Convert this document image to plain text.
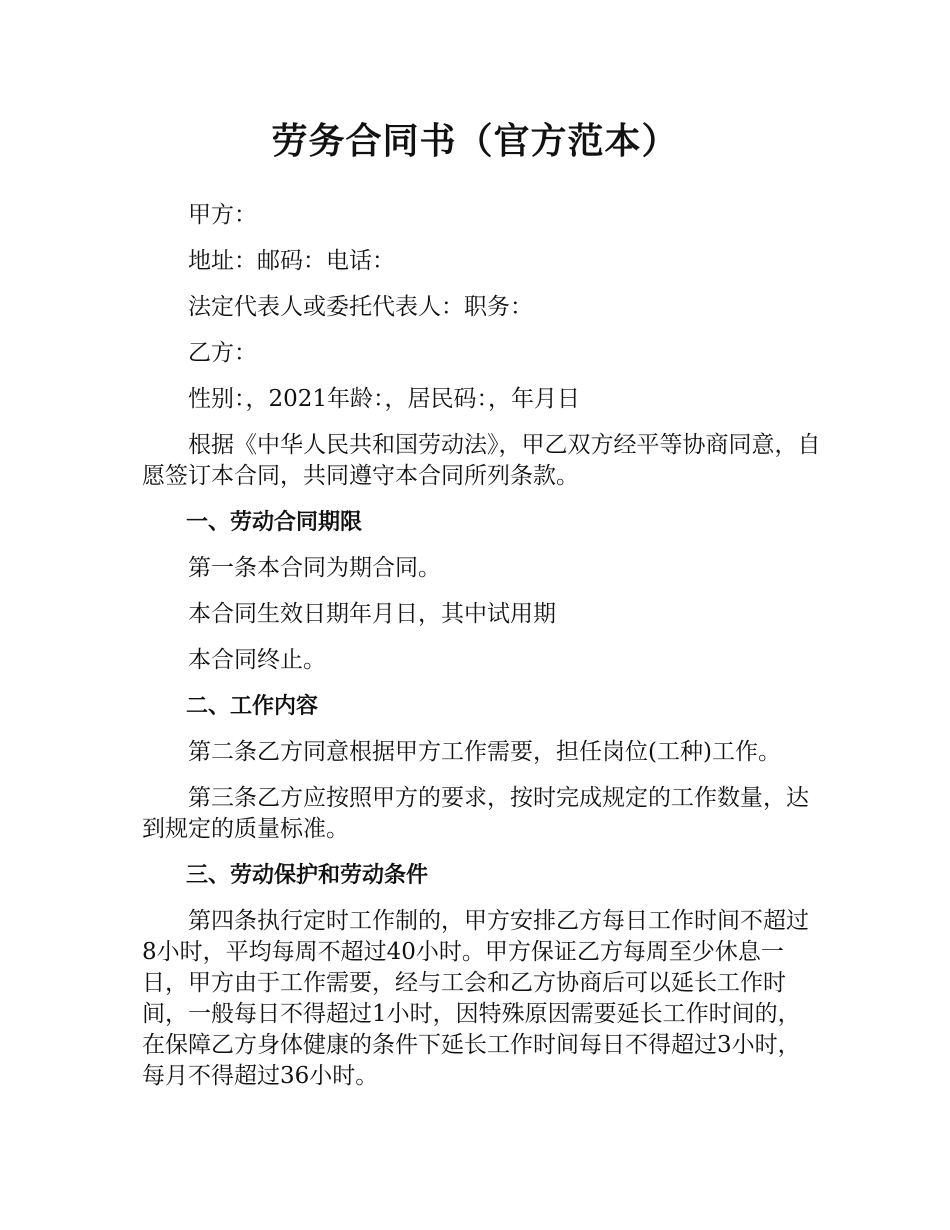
劳务合同书（官方范本）

甲方：

地址：邮码：电话：

法定代表人或委托代表人：职务：

乙方：

性别：，2021年龄：，居民码：，年月日

根据《中华人民共和国劳动法》，甲乙双方经平等协商同意，自愿签订本合同，共同遵守本合同所列条款。

一、劳动合同期限

第一条本合同为期合同。

本合同生效日期年月日，其中试用期

本合同终止。

二、工作内容

第二条乙方同意根据甲方工作需要，担任岗位(工种)工作。

第三条乙方应按照甲方的要求，按时完成规定的工作数量，达到规定的质量标准。

三、劳动保护和劳动条件

第四条执行定时工作制的，甲方安排乙方每日工作时间不超过8小时，平均每周不超过40小时。甲方保证乙方每周至少休息一日，甲方由于工作需要，经与工会和乙方协商后可以延长工作时间，一般每日不得超过1小时，因特殊原因需要延长工作时间的，在保障乙方身体健康的条件下延长工作时间每日不得超过3小时，每月不得超过36小时。
